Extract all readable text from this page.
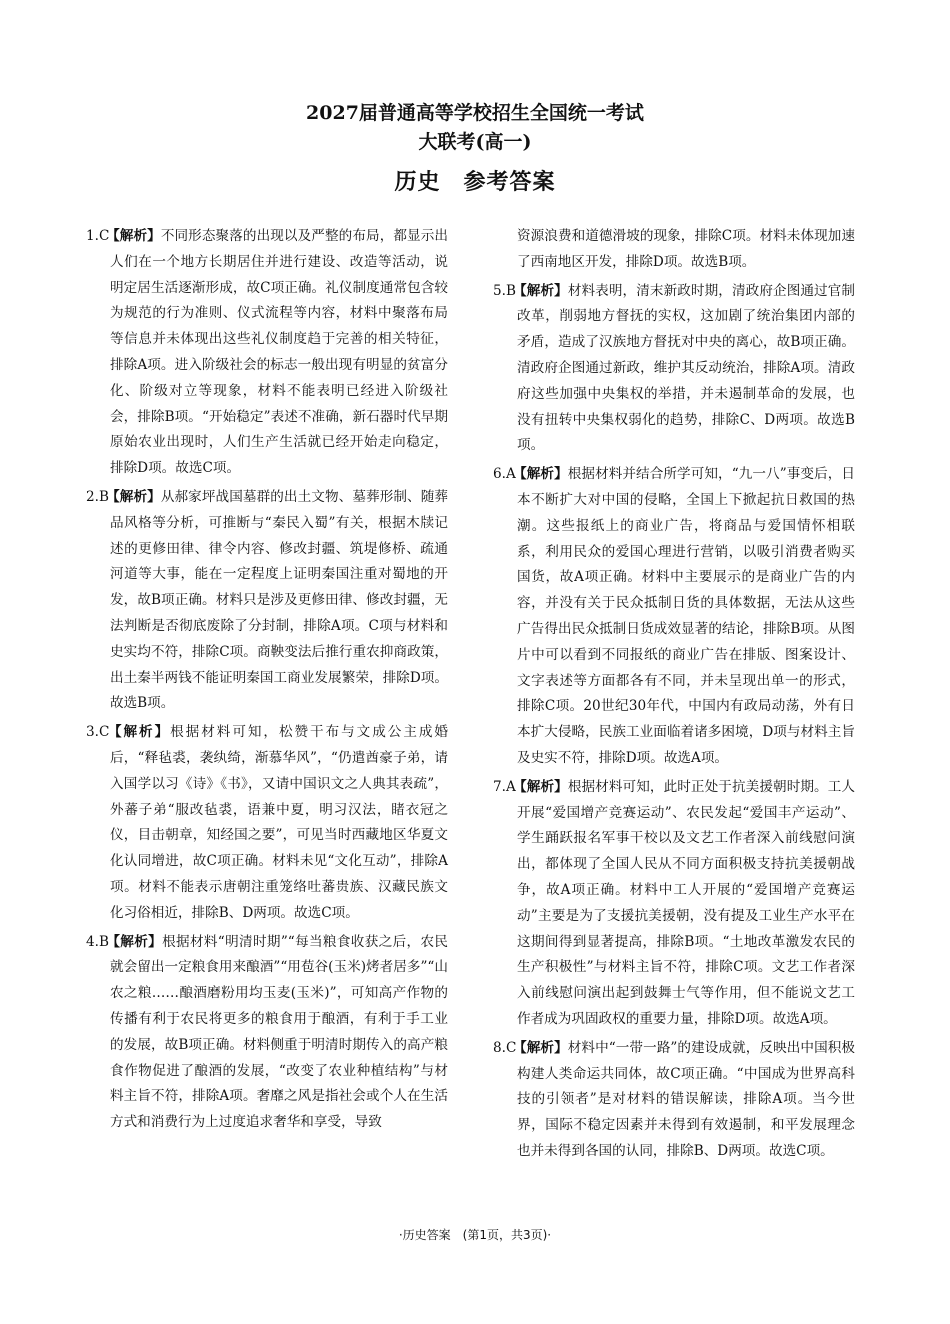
2027届普通高等学校招生全国统一考试
大联考(高一)
历史　参考答案
1.C【解析】不同形态聚落的出现以及严整的布局，都显示出人们在一个地方长期居住并进行建设、改造等活动，说明定居生活逐渐形成，故C项正确。礼仪制度通常包含较为规范的行为准则、仪式流程等内容，材料中聚落布局等信息并未体现出这些礼仪制度趋于完善的相关特征，排除A项。进入阶级社会的标志一般出现有明显的贫富分化、阶级对立等现象，材料不能表明已经进入阶级社会，排除B项。“开始稳定”表述不准确，新石器时代早期原始农业出现时，人们生产生活就已经开始走向稳定，排除D项。故选C项。
2.B【解析】从郝家坪战国墓群的出土文物、墓葬形制、随葬品风格等分析，可推断与“秦民入蜀”有关，根据木牍记述的更修田律、律令内容、修改封疆、筑堤修桥、疏通河道等大事，能在一定程度上证明秦国注重对蜀地的开发，故B项正确。材料只是涉及更修田律、修改封疆，无法判断是否彻底废除了分封制，排除A项。C项与材料和史实均不符，排除C项。商鞅变法后推行重农抑商政策，出土秦半两钱不能证明秦国工商业发展繁荣，排除D项。故选B项。
3.C【解析】根据材料可知，松赞干布与文成公主成婚后，“释毡裘，袭纨绮，渐慕华风”，“仍遣酋豪子弟，请入国学以习《诗》《书》，又请中国识文之人典其表疏”，外蕃子弟“服改毡裘，语兼中夏，明习汉法，睹衣冠之仪，目击朝章，知经国之要”，可见当时西藏地区华夏文化认同增进，故C项正确。材料未见“文化互动”，排除A项。材料不能表示唐朝注重笼络吐蕃贵族、汉藏民族文化习俗相近，排除B、D两项。故选C项。
4.B【解析】根据材料“明清时期”“每当粮食收获之后，农民就会留出一定粮食用来酿酒”“用苞谷(玉米)烤者居多”“山农之粮……酿酒磨粉用均玉麦(玉米)”，可知高产作物的传播有利于农民将更多的粮食用于酿酒，有利于手工业的发展，故B项正确。材料侧重于明清时期传入的高产粮食作物促进了酿酒的发展，“改变了农业种植结构”与材料主旨不符，排除A项。奢靡之风是指社会或个人在生活方式和消费行为上过度追求奢华和享受，导致
资源浪费和道德滑坡的现象，排除C项。材料未体现加速了西南地区开发，排除D项。故选B项。
5.B【解析】材料表明，清末新政时期，清政府企图通过官制改革，削弱地方督抚的实权，这加剧了统治集团内部的矛盾，造成了汉族地方督抚对中央的离心，故B项正确。清政府企图通过新政，维护其反动统治，排除A项。清政府这些加强中央集权的举措，并未遏制革命的发展，也没有扭转中央集权弱化的趋势，排除C、D两项。故选B项。
6.A【解析】根据材料并结合所学可知，“九一八”事变后，日本不断扩大对中国的侵略，全国上下掀起抗日救国的热潮。这些报纸上的商业广告，将商品与爱国情怀相联系，利用民众的爱国心理进行营销，以吸引消费者购买国货，故A项正确。材料中主要展示的是商业广告的内容，并没有关于民众抵制日货的具体数据，无法从这些广告得出民众抵制日货成效显著的结论，排除B项。从图片中可以看到不同报纸的商业广告在排版、图案设计、文字表述等方面都各有不同，并未呈现出单一的形式，排除C项。20世纪30年代，中国内有政局动荡，外有日本扩大侵略，民族工业面临着诸多困境，D项与材料主旨及史实不符，排除D项。故选A项。
7.A【解析】根据材料可知，此时正处于抗美援朝时期。工人开展“爱国增产竞赛运动”、农民发起“爱国丰产运动”、学生踊跃报名军事干校以及文艺工作者深入前线慰问演出，都体现了全国人民从不同方面积极支持抗美援朝战争，故A项正确。材料中工人开展的“爱国增产竞赛运动”主要是为了支援抗美援朝，没有提及工业生产水平在这期间得到显著提高，排除B项。“土地改革激发农民的生产积极性”与材料主旨不符，排除C项。文艺工作者深入前线慰问演出起到鼓舞士气等作用，但不能说文艺工作者成为巩固政权的重要力量，排除D项。故选A项。
8.C【解析】材料中“一带一路”的建设成就，反映出中国积极构建人类命运共同体，故C项正确。“中国成为世界高科技的引领者”是对材料的错误解读，排除A项。当今世界，国际不稳定因素并未得到有效遏制，和平发展理念也并未得到各国的认同，排除B、D两项。故选C项。
·历史答案　(第1页，共3页)·
